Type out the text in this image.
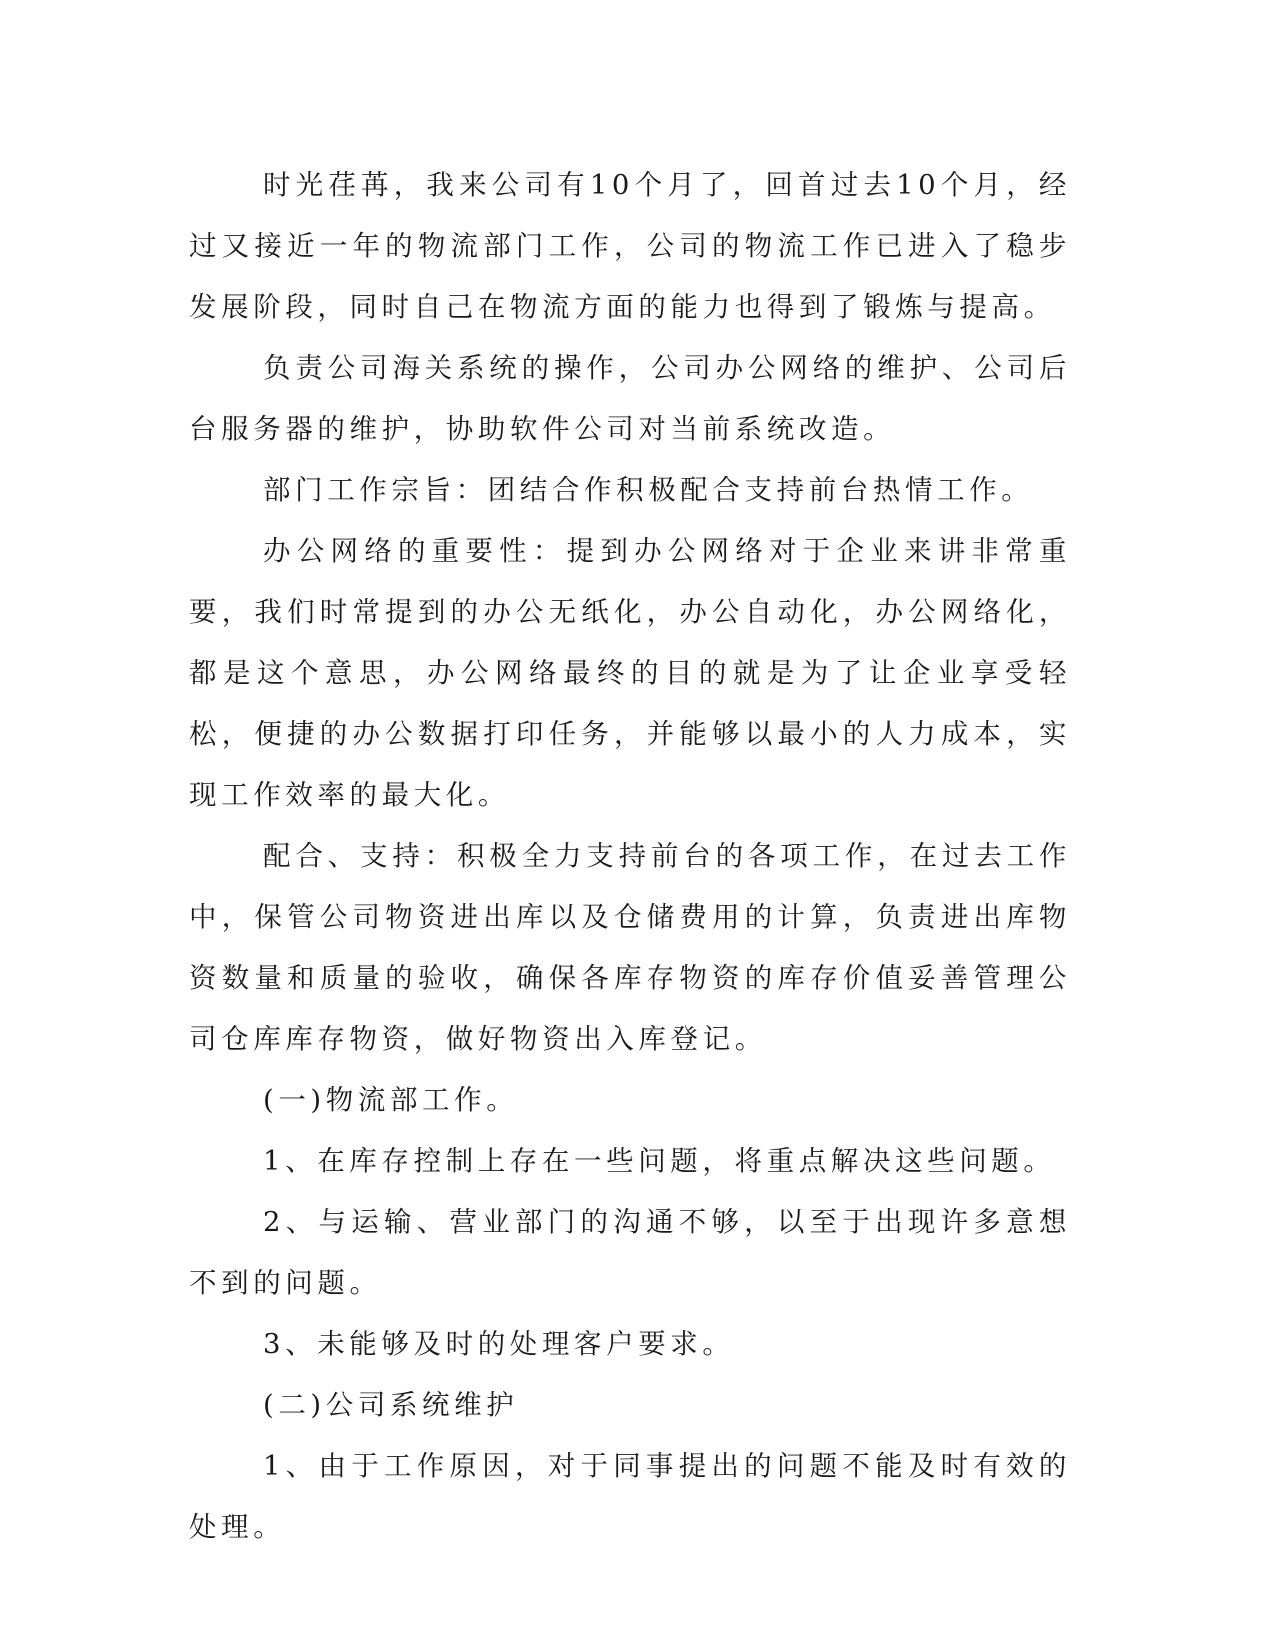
时光荏苒，我来公司有10个月了，回首过去10个月，经过又接近一年的物流部门工作，公司的物流工作已进入了稳步发展阶段，同时自己在物流方面的能力也得到了锻炼与提高。

负责公司海关系统的操作，公司办公网络的维护、公司后台服务器的维护，协助软件公司对当前系统改造。

部门工作宗旨：团结合作积极配合支持前台热情工作。

办公网络的重要性：提到办公网络对于企业来讲非常重要，我们时常提到的办公无纸化，办公自动化，办公网络化，都是这个意思，办公网络最终的目的就是为了让企业享受轻松，便捷的办公数据打印任务，并能够以最小的人力成本，实现工作效率的最大化。

配合、支持：积极全力支持前台的各项工作，在过去工作中，保管公司物资进出库以及仓储费用的计算，负责进出库物资数量和质量的验收，确保各库存物资的库存价值妥善管理公司仓库库存物资，做好物资出入库登记。

(一)物流部工作。

1、在库存控制上存在一些问题，将重点解决这些问题。

2、与运输、营业部门的沟通不够，以至于出现许多意想不到的问题。

3、未能够及时的处理客户要求。

(二)公司系统维护

1、由于工作原因，对于同事提出的问题不能及时有效的处理。
